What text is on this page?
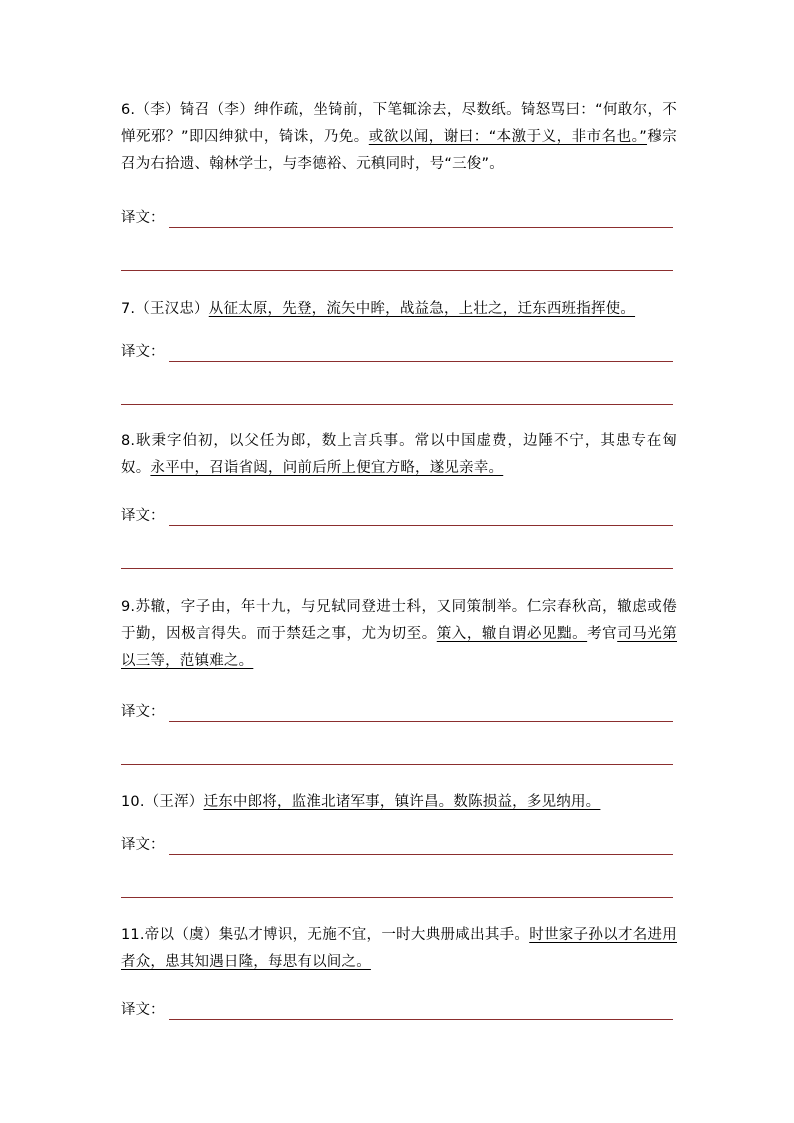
6.（李）锜召（李）绅作疏，坐锜前，下笔辄涂去，尽数纸。锜怒骂曰：“何敢尔，不惮死邪？”即囚绅狱中，锜诛，乃免。或欲以闻，谢曰：“本激于义，非市名也。”穆宗召为右拾遗、翰林学士，与李德裕、元稹同时，号“三俊”。
译文：
7.（王汉忠）从征太原，先登，流矢中眸，战益急，上壮之，迁东西班指挥使。
译文：
8.耿秉字伯初，以父任为郎，数上言兵事。常以中国虚费，边陲不宁，其患专在匈奴。永平中，召诣省闼，问前后所上便宜方略，遂见亲幸。
译文：
9.苏辙，字子由，年十九，与兄轼同登进士科，又同策制举。仁宗春秋高，辙虑或倦于勤，因极言得失。而于禁廷之事，尤为切至。策入，辙自谓必见黜。考官司马光第以三等，范镇难之。
译文：
10.（王浑）迁东中郎将，监淮北诸军事，镇许昌。数陈损益，多见纳用。
译文：
11.帝以（虞）集弘才博识，无施不宜，一时大典册咸出其手。时世家子孙以才名进用者众，患其知遇日隆，每思有以间之。
译文：
